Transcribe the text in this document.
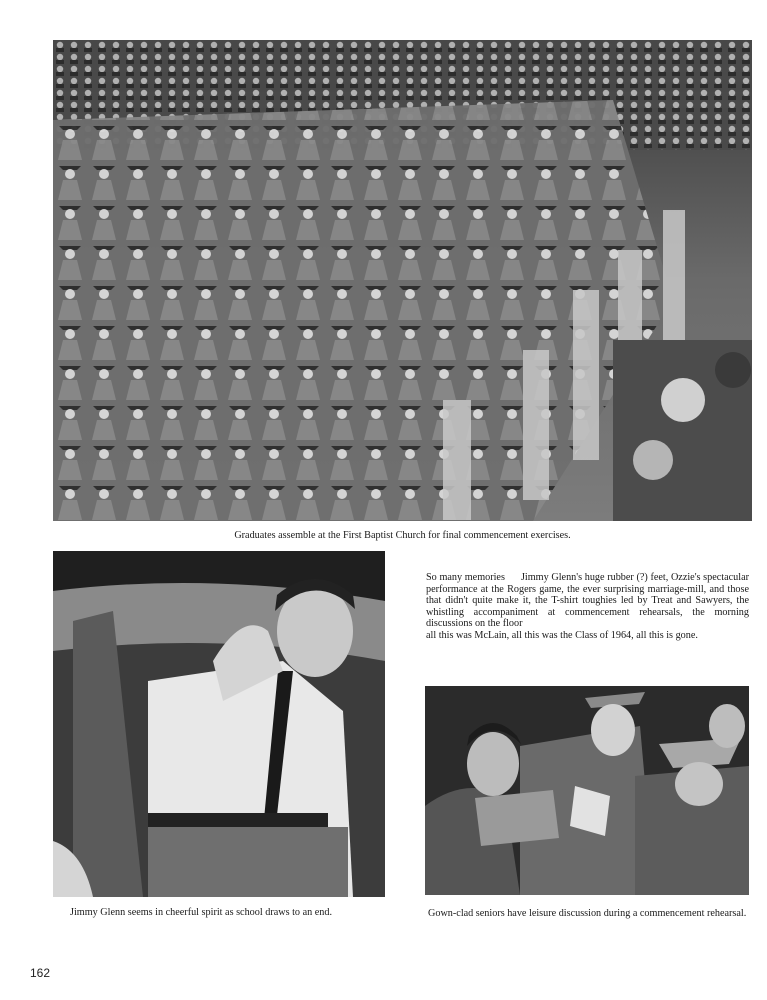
Graduates assemble at the First Baptist Church for final commencement exercises.
Jimmy Glenn seems in cheerful spirit as school draws to an end.
So many memories Jimmy Glenn's huge rubber (?) feet, Ozzie's spectacular performance at the Rogers game, the ever surprising marriage-mill, and those that didn't quite make it, the T-shirt toughies led by Treat and Sawyers, the whistling accompaniment at commencement rehearsals, the morning discussions on the floor
all this was McLain, all this was the Class of 1964, all this is gone.
Gown-clad seniors have leisure discussion during a commencement rehearsal.
162
